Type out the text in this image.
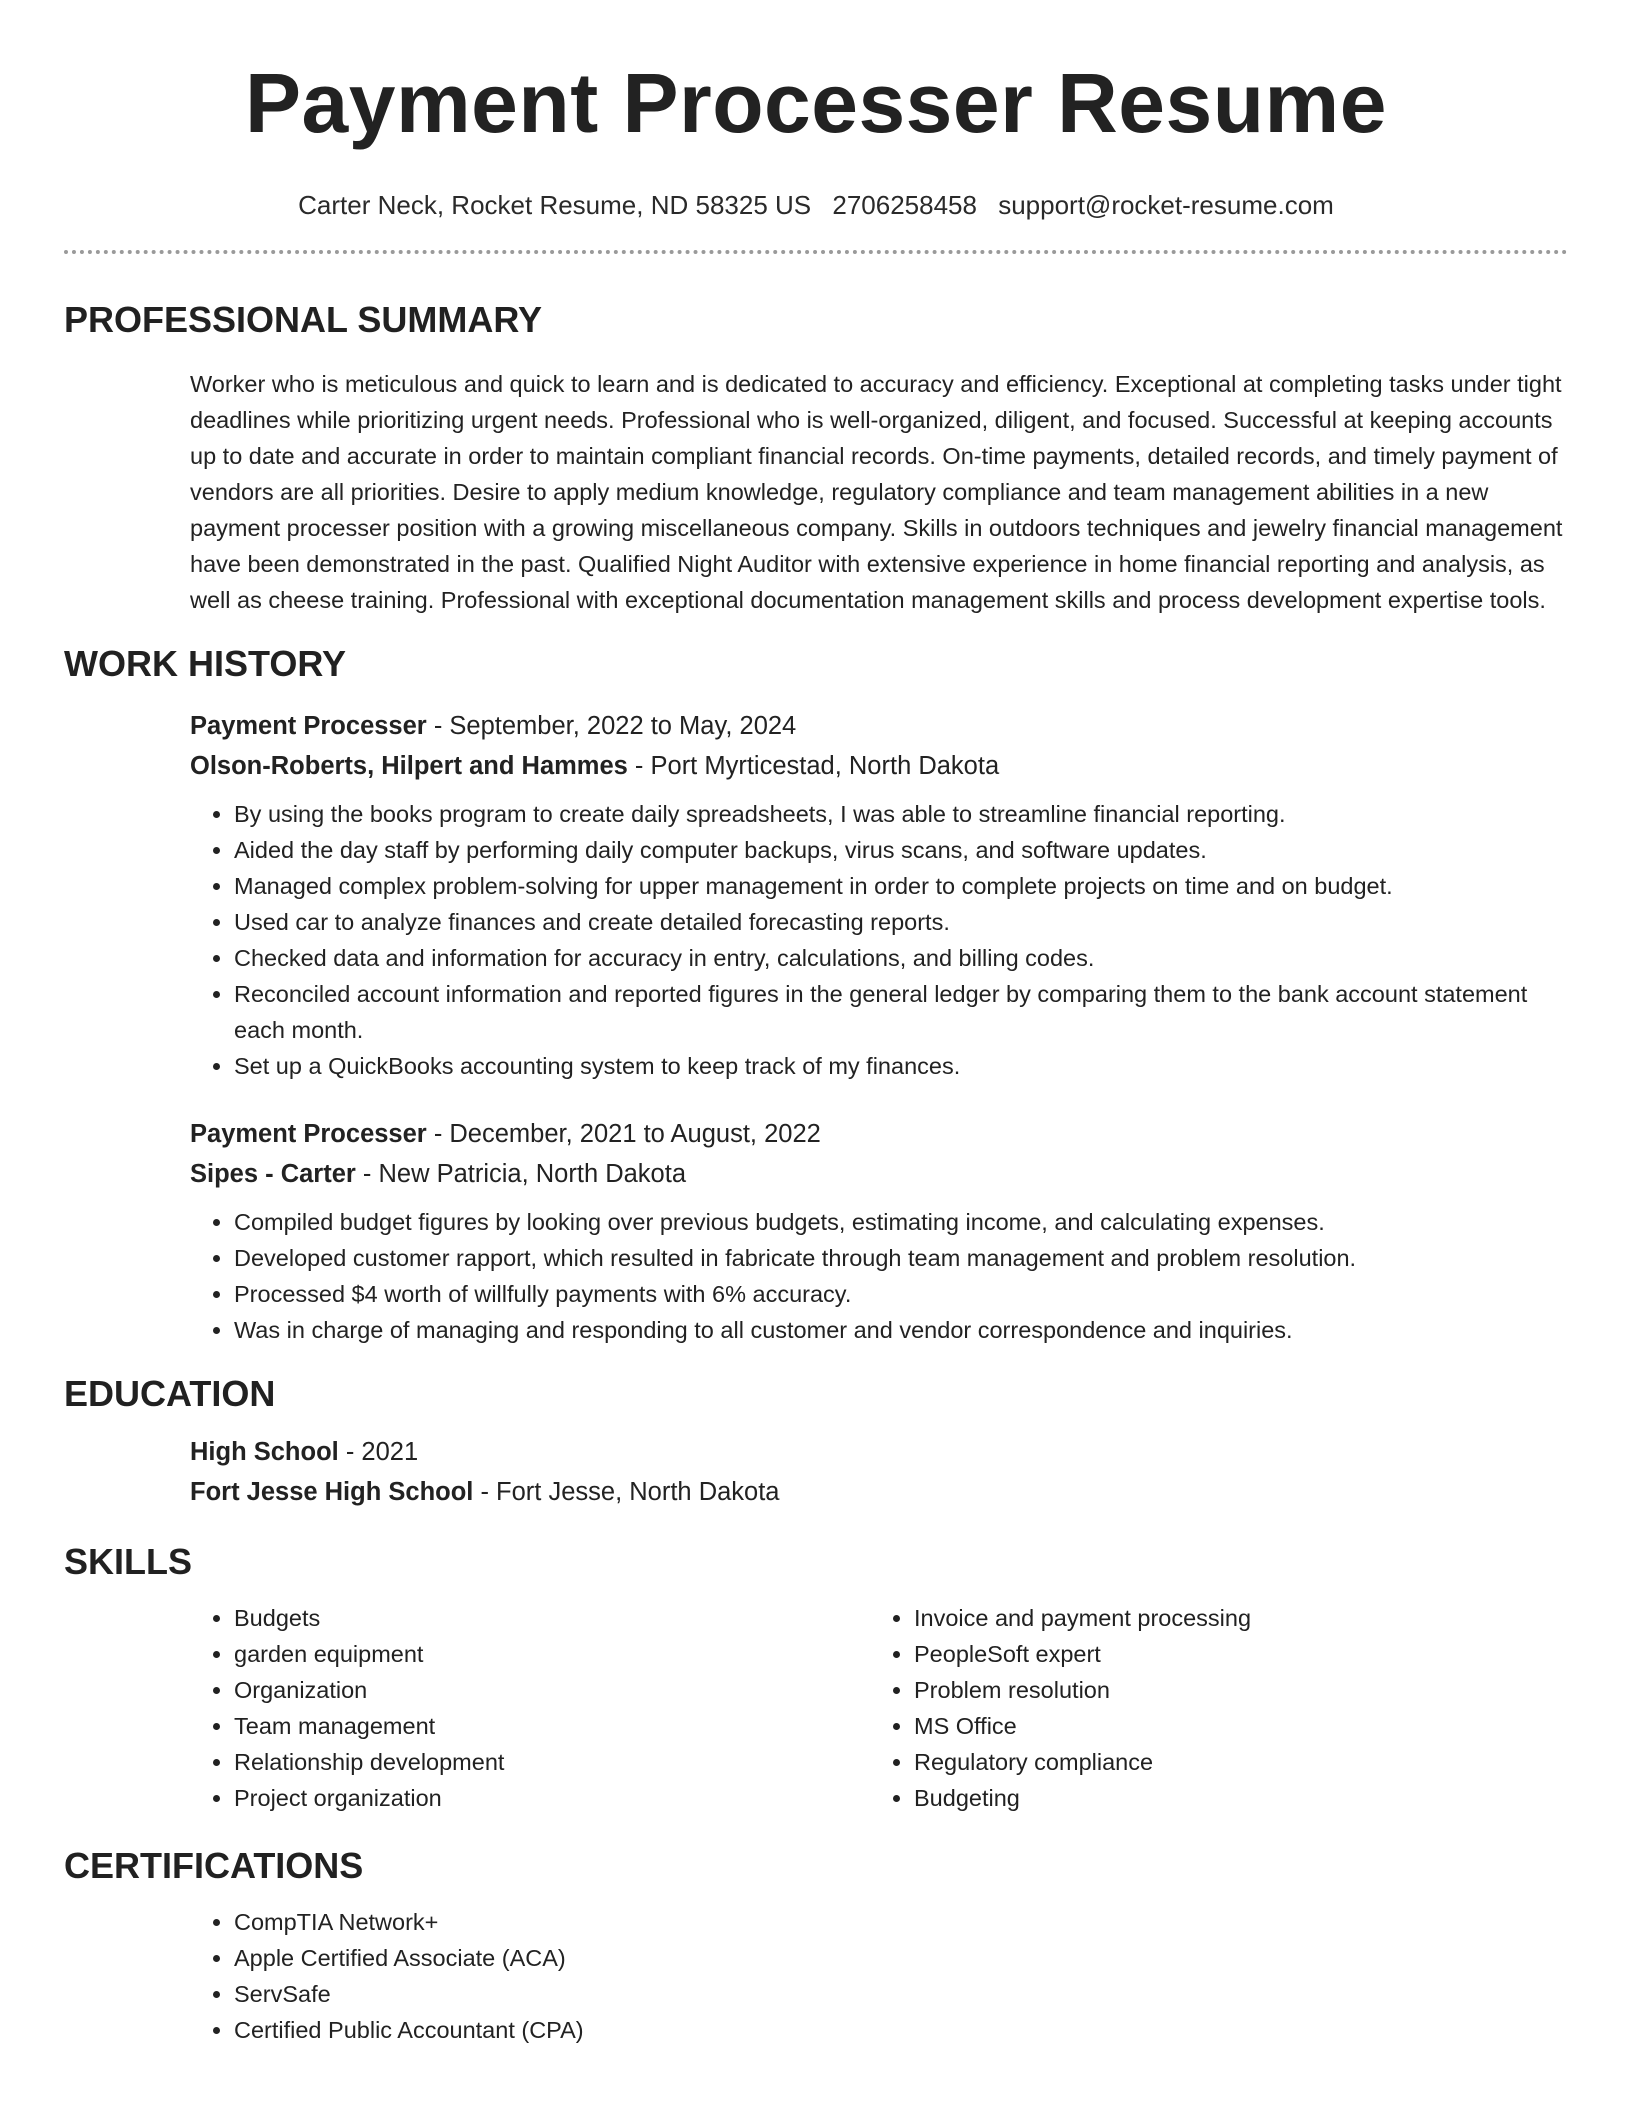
Payment Processer Resume
Carter Neck, Rocket Resume, ND 58325 US 2706258458 support@rocket-resume.com
PROFESSIONAL SUMMARY

Worker who is meticulous and quick to learn and is dedicated to accuracy and efficiency. Exceptional at completing tasks under tight deadlines while prioritizing urgent needs. Professional who is well-organized, diligent, and focused. Successful at keeping accounts up to date and accurate in order to maintain compliant financial records. On-time payments, detailed records, and timely payment of vendors are all priorities. Desire to apply medium knowledge, regulatory compliance and team management abilities in a new payment processer position with a growing miscellaneous company. Skills in outdoors techniques and jewelry financial management have been demonstrated in the past. Qualified Night Auditor with extensive experience in home financial reporting and analysis, as well as cheese training. Professional with exceptional documentation management skills and process development expertise tools.

WORK HISTORY
Payment Processer - September, 2022 to May, 2024
Olson-Roberts, Hilpert and Hammes - Port Myrticestad, North Dakota
• By using the books program to create daily spreadsheets, I was able to streamline financial reporting.
• Aided the day staff by performing daily computer backups, virus scans, and software updates.
• Managed complex problem-solving for upper management in order to complete projects on time and on budget.
• Used car to analyze finances and create detailed forecasting reports.
• Checked data and information for accuracy in entry, calculations, and billing codes.
• Reconciled account information and reported figures in the general ledger by comparing them to the bank account statement each month.
• Set up a QuickBooks accounting system to keep track of my finances.
Payment Processer - December, 2021 to August, 2022
Sipes - Carter - New Patricia, North Dakota
• Compiled budget figures by looking over previous budgets, estimating income, and calculating expenses.
• Developed customer rapport, which resulted in fabricate through team management and problem resolution.
• Processed $4 worth of willfully payments with 6% accuracy.
• Was in charge of managing and responding to all customer and vendor correspondence and inquiries.
EDUCATION
High School - 2021
Fort Jesse High School - Fort Jesse, North Dakota
SKILLS
• Budgets
• garden equipment
• Organization
• Team management
• Relationship development
• Project organization
• Invoice and payment processing
• PeopleSoft expert
• Problem resolution
• MS Office
• Regulatory compliance
• Budgeting
CERTIFICATIONS
• CompTIA Network+
• Apple Certified Associate (ACA)
• ServSafe
• Certified Public Accountant (CPA)
